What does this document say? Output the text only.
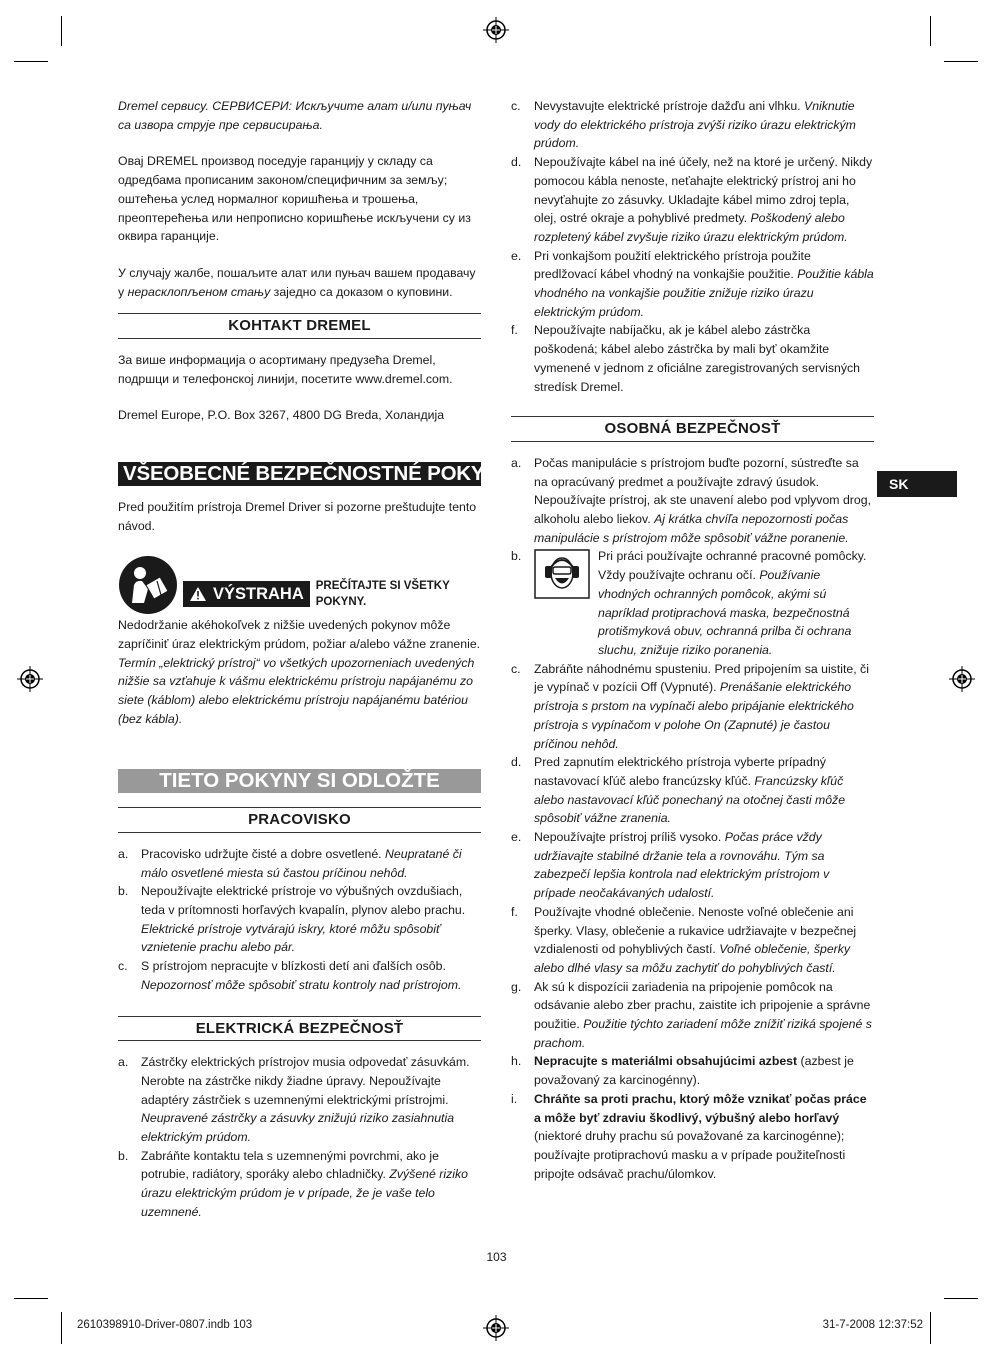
Dremel сервису. СЕРВИСЕРИ: Искључите алат и/или пуњач са извора струје пре сервисирања.

Овај DREMEL производ поседује гаранцију у складу са одредбама прописаним законом/специфичним за земљу; оштећења услед нормалног коришћења и трошења, преоптерећења или непрописно коришћење искључени су из оквира гаранције.

У случају жалбе, пошаљите алат или пуњач вашем продавачу у нерасклопљеном стању заједно са доказом о куповини.

KOHTAKT DREMEL

За више информација о асортиману предузећа Dremel, подршци и телефонској линији, посетите www.dremel.com.

Dremel Europe, P.O. Box 3267, 4800 DG Breda, Холандија

VŠEOBECNÉ BEZPEČNOSTNÉ POKYNY

Pred použitím prístroja Dremel Driver si pozorne preštudujte tento návod.

VÝSTRAHA PREČÍTAJTE SI VŠETKY POKYNY.

Nedodržanie akéhokoľvek z nižšie uvedených pokynov môže zapríčiniť úraz elektrickým prúdom, požiar a/alebo vážne zranenie. Termín „elektrický prístroj“ vo všetkých upozorneniach uvedených nižšie sa vzťahuje k vášmu elektrickému prístroju napájanému zo siete (káblom) alebo elektrickému prístroju napájanému batériou (bez kábla).

TIETO POKYNY SI ODLOŽTE
PRACOVISKO
a.	Pracovisko udržujte čisté a dobre osvetlené. Neupratané či málo osvetlené miesta sú častou príčinou nehôd.
b.	Nepoužívajte elektrické prístroje vo výbušných ovzdušiach, teda v prítomnosti horľavých kvapalín, plynov alebo prachu. Elektrické prístroje vytvárajú iskry, ktoré môžu spôsobiť vznietenie prachu alebo pár.
c.	S prístrojom nepracujte v blízkosti detí ani ďalších osôb. Nepozornosť môže spôsobiť stratu kontroly nad prístrojom.
ELEKTRICKÁ BEZPEČNOSŤ
a.	Zástrčky elektrických prístrojov musia odpovedať zásuvkám. Nerobte na zástrčke nikdy žiadne úpravy. Nepoužívajte adaptéry zástrčiek s uzemnenými elektrickými prístrojmi. Neupravené zástrčky a zásuvky znižujú riziko zasiahnutia elektrickým prúdom.
b.	Zabráňte kontaktu tela s uzemnenými povrchmi, ako je potrubie, radiátory, sporáky alebo chladničky. Zvýšené riziko úrazu elektrickým prúdom je v prípade, že je vaše telo uzemnené.
c.	Nevystavujte elektrické prístroje dažďu ani vlhku. Vniknutie vody do elektrického prístroja zvýši riziko úrazu elektrickým prúdom.
d.	Nepoužívajte kábel na iné účely, než na ktoré je určený. Nikdy pomocou kábla nenoste, neťahajte elektrický prístroj ani ho nevyťahujte zo zásuvky. Ukladajte kábel mimo zdroj tepla, olej, ostré okraje a pohyblivé predmety. Poškodený alebo rozpletený kábel zvyšuje riziko úrazu elektrickým prúdom.
e.	Pri vonkajšom použití elektrického prístroja použite predlžovací kábel vhodný na vonkajšie použitie. Použitie kábla vhodného na vonkajšie použitie znižuje riziko úrazu elektrickým prúdom.
f.	Nepoužívajte nabíjačku, ak je kábel alebo zástrčka poškodená; kábel alebo zástrčka by mali byť okamžite vymenené v jednom z oficiálne zaregistrovaných servisných stredísk Dremel.
OSOBNÁ BEZPEČNOSŤ
a.	Počas manipulácie s prístrojom buďte pozorní, sústreďte sa na opracúvaný predmet a používajte zdravý úsudok. Nepoužívajte prístroj, ak ste unavení alebo pod vplyvom drog, alkoholu alebo liekov. Aj krátka chvíľa nepozornosti počas manipulácie s prístrojom môže spôsobiť vážne poranenie.
b.	Pri práci používajte ochranné pracovné pomôcky. Vždy používajte ochranu očí. Používanie vhodných ochranných pomôcok, akými sú napríklad protiprachová maska, bezpečnostná protišmyková obuv, ochranná prilba či ochrana sluchu, znižuje riziko poranenia.
c.	Zabráňte náhodnému spusteniu. Pred pripojením sa uistite, či je vypínač v pozícii Off (Vypnuté). Prenášanie elektrického prístroja s prstom na vypínači alebo pripájanie elektrického prístroja s vypínačom v polohe On (Zapnuté) je častou príčinou nehôd.
d.	Pred zapnutím elektrického prístroja vyberte prípadný nastavovací kľúč alebo francúzsky kľúč. Francúzsky kľúč alebo nastavovací kľúč ponechaný na otočnej časti môže spôsobiť vážne zranenia.
e.	Nepoužívajte prístroj príliš vysoko. Počas práce vždy udržiavajte stabilné držanie tela a rovnováhu. Tým sa zabezpečí lepšia kontrola nad elektrickým prístrojom v prípade neočakávaných udalostí.
f.	Používajte vhodné oblečenie. Nenoste voľné oblečenie ani šperky. Vlasy, oblečenie a rukavice udržiavajte v bezpečnej vzdialenosti od pohyblivých častí. Voľné oblečenie, šperky alebo dlhé vlasy sa môžu zachytiť do pohyblivých častí.
g.	Ak sú k dispozícii zariadenia na pripojenie pomôcok na odsávanie alebo zber prachu, zaistite ich pripojenie a správne použitie. Použitie týchto zariadení môže znížiť riziká spojené s prachom.
h.	Nepracujte s materiálmi obsahujúcimi azbest (azbest je považovaný za karcinogénny).
i.	Chráňte sa proti prachu, ktorý môže vznikať počas práce a môže byť zdraviu škodlivý, výbušný alebo horľavý (niektoré druhy prachu sú považované za karcinogénne); používajte protiprachovú masku a v prípade použiteľnosti pripojte odsávač prachu/úlomkov.
SK
103
2610398910-Driver-0807.indb 103	31-7-2008 12:37:52
